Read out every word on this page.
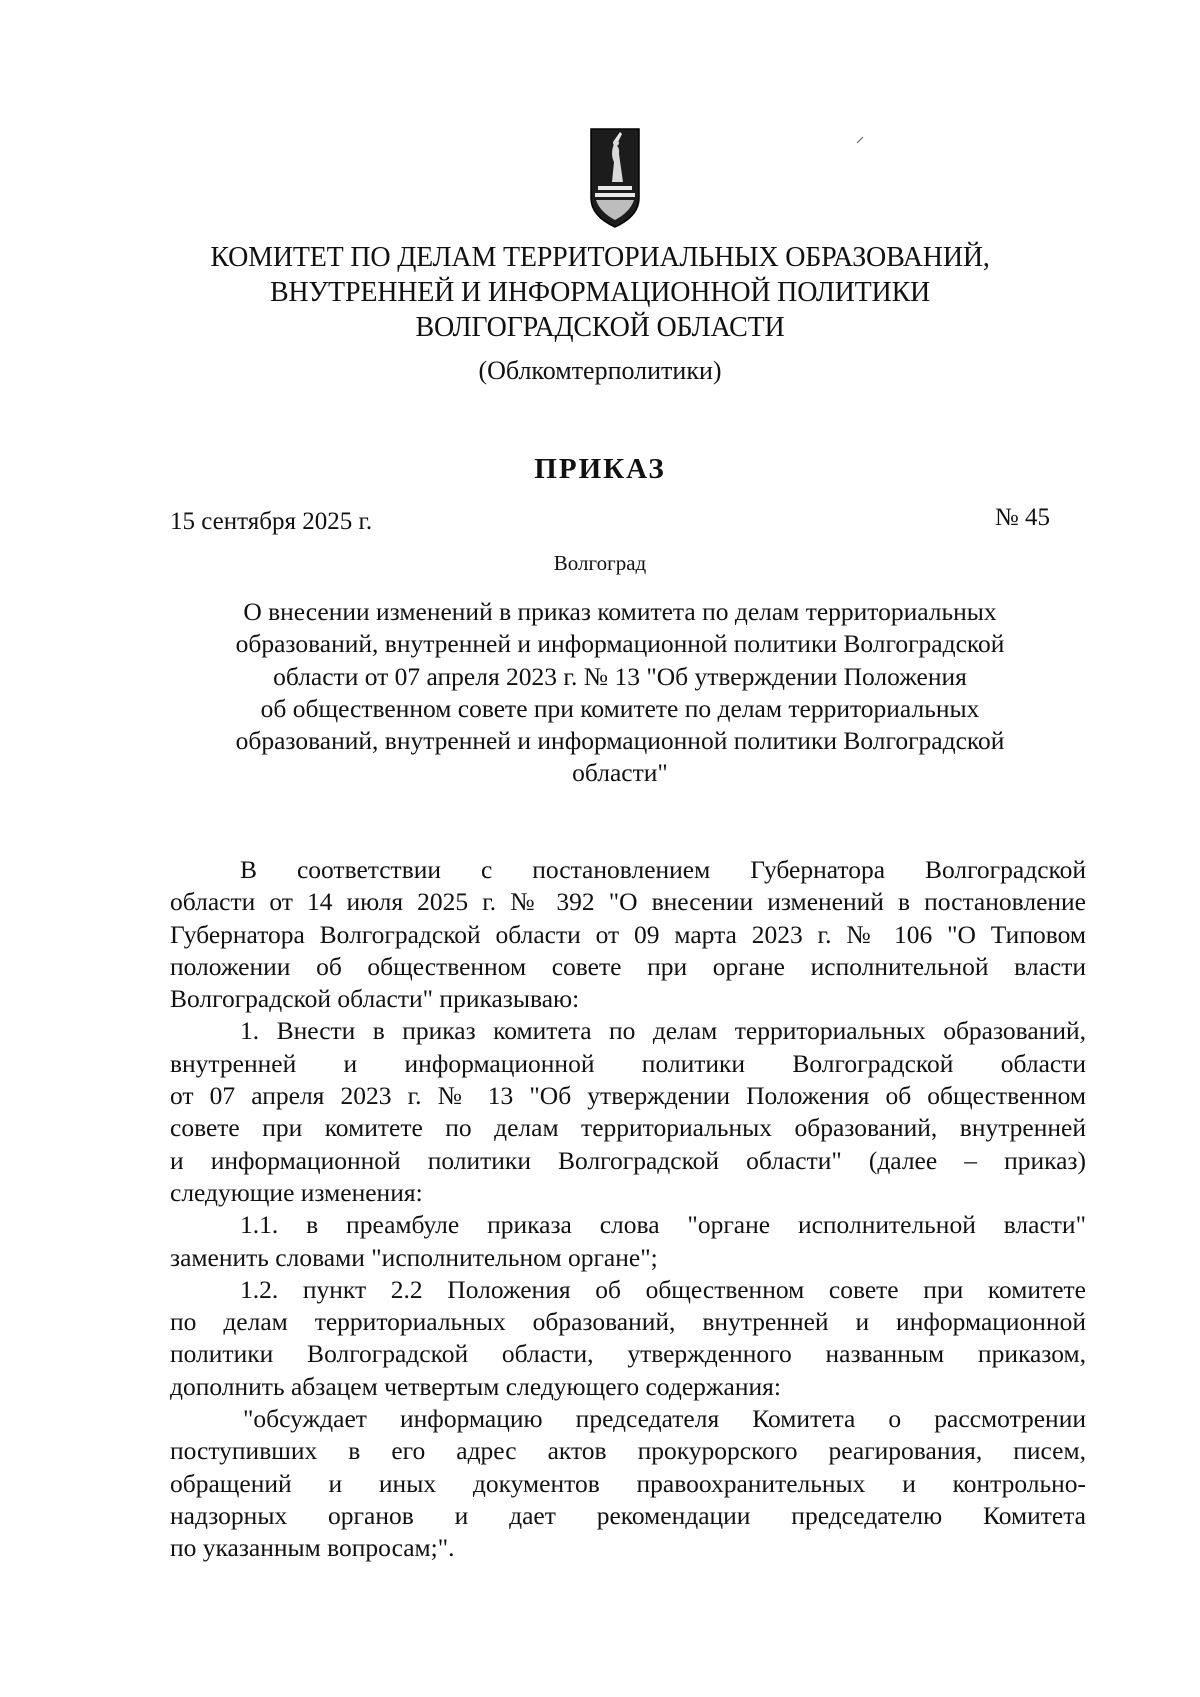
КОМИТЕТ ПО ДЕЛАМ ТЕРРИТОРИАЛЬНЫХ ОБРАЗОВАНИЙ,
ВНУТРЕННЕЙ И ИНФОРМАЦИОННОЙ ПОЛИТИКИ
ВОЛГОГРАДСКОЙ ОБЛАСТИ
(Облкомтерполитики)
ПРИКАЗ
15 сентября 2025 г.	№ 45
Волгоград
О внесении изменений в приказ комитета по делам территориальных
образований, внутренней и информационной политики Волгоградской
области от 07 апреля 2023 г. № 13 "Об утверждении Положения
об общественном совете при комитете по делам территориальных
образований, внутренней и информационной политики Волгоградской
области"
В соответствии с постановлением Губернатора Волгоградской
области от 14 июля 2025 г. № 392 "О внесении изменений в постановление
Губернатора Волгоградской области от 09 марта 2023 г. № 106 "О Типовом
положении об общественном совете при органе исполнительной власти
Волгоградской области" приказываю:
1. Внести в приказ комитета по делам территориальных образований,
внутренней и информационной политики Волгоградской области
от 07 апреля 2023 г. № 13 "Об утверждении Положения об общественном
совете при комитете по делам территориальных образований, внутренней
и информационной политики Волгоградской области" (далее – приказ)
следующие изменения:
1.1. в преамбуле приказа слова "органе исполнительной власти"
заменить словами "исполнительном органе";
1.2. пункт 2.2 Положения об общественном совете при комитете
по делам территориальных образований, внутренней и информационной
политики Волгоградской области, утвержденного названным приказом,
дополнить абзацем четвертым следующего содержания:
"обсуждает информацию председателя Комитета о рассмотрении
поступивших в его адрес актов прокурорского реагирования, писем,
обращений и иных документов правоохранительных и контрольно-
надзорных органов и дает рекомендации председателю Комитета
по указанным вопросам;".
